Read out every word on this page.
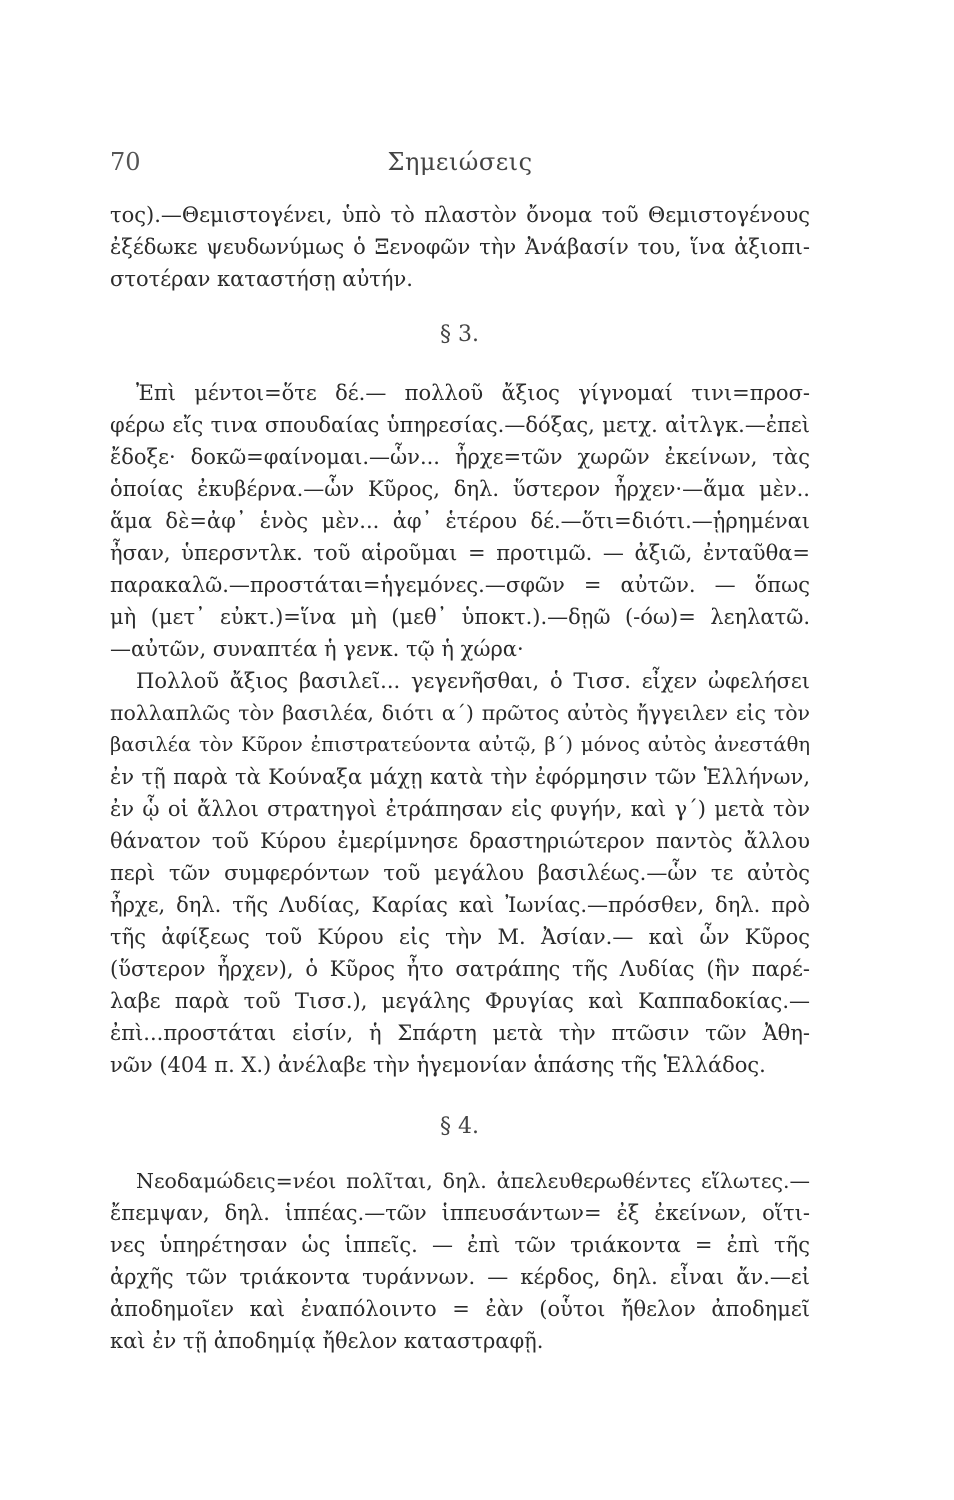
70	Σημειώσεις
τος).—Θεμιστογένει, ὑπὸ τὸ πλαστὸν ὄνομα τοῦ Θεμιστογένους
ἐξέδωκε ψευδωνύμως ὁ Ξενοφῶν τὴν Ἀνάβασίν του, ἵνα ἀξιοπι-
στοτέραν καταστήσῃ αὐτήν.
§ 3.
Ἐπὶ μέντοι=ὅτε δέ.— πολλοῦ ἄξιος γίγνομαί τινι=προσ-
φέρω εἴς τινα σπουδαίας ὑπηρεσίας.—δόξας, μετχ. αἰτλγκ.—ἐπεὶ
ἔδοξε· δοκῶ=φαίνομαι.—ὧν... ἦρχε=τῶν χωρῶν ἐκείνων, τὰς
ὁποίας ἐκυβέρνα.—ὧν Κῦρος, δηλ. ὕστερον ἦρχεν·—ἅμα μὲν..
ἅμα δὲ=ἀφ᾽ ἑνὸς μὲν... ἀφ᾽ ἑτέρου δέ.—ὅτι=διότι.—ᾑρημέναι
ἦσαν, ὑπερσντλκ. τοῦ αἱροῦμαι = προτιμῶ. — ἀξιῶ, ἐνταῦθα=
παρακαλῶ.—προστάται=ἡγεμόνες.—σφῶν = αὐτῶν. — ὅπως
μὴ (μετ᾽ εὐκτ.)=ἵνα μὴ (μεθ᾽ ὑποκτ.).—δῃῶ (-όω)= λεηλατῶ.
—αὐτῶν, συναπτέα ἡ γενκ. τῷ ἡ χώρα·
Πολλοῦ ἄξιος βασιλεῖ... γεγενῆσθαι, ὁ Τισσ. εἶχεν ὠφελήσει
πολλαπλῶς τὸν βασιλέα, διότι α΄) πρῶτος αὐτὸς ἤγγειλεν εἰς τὸν
βασιλέα τὸν Κῦρον ἐπιστρατεύοντα αὐτῷ, β΄) μόνος αὐτὸς ἀνεστάθη
ἐν τῇ παρὰ τὰ Κούναξα μάχῃ κατὰ τὴν ἐφόρμησιν τῶν Ἑλλήνων,
ἐν ᾧ οἱ ἄλλοι στρατηγοὶ ἐτράπησαν εἰς φυγήν, καὶ γ΄) μετὰ τὸν
θάνατον τοῦ Κύρου ἐμερίμνησε δραστηριώτερον παντὸς ἄλλου
περὶ τῶν συμφερόντων τοῦ μεγάλου βασιλέως.—ὧν τε αὐτὸς
ἦρχε, δηλ. τῆς Λυδίας, Καρίας καὶ Ἰωνίας.—πρόσθεν, δηλ. πρὸ
τῆς ἀφίξεως τοῦ Κύρου εἰς τὴν Μ. Ἀσίαν.— καὶ ὧν Κῦρος
(ὕστερον ἦρχεν), ὁ Κῦρος ἦτο σατράπης τῆς Λυδίας (ἣν παρέ-
λαβε παρὰ τοῦ Τισσ.), μεγάλης Φρυγίας καὶ Καππαδοκίας.—
ἐπὶ...προστάται εἰσίν, ἡ Σπάρτη μετὰ τὴν πτῶσιν τῶν Ἀθη-
νῶν (404 π. Χ.) ἀνέλαβε τὴν ἡγεμονίαν ἁπάσης τῆς Ἑλλάδος.
§ 4.
Νεοδαμώδεις=νέοι πολῖται, δηλ. ἀπελευθερωθέντες εἵλωτες.—
ἔπεμψαν, δηλ. ἱππέας.—τῶν ἱππευσάντων= ἐξ ἐκείνων, οἵτι-
νες ὑπηρέτησαν ὡς ἱππεῖς. — ἐπὶ τῶν τριάκοντα = ἐπὶ τῆς
ἀρχῆς τῶν τριάκοντα τυράννων. — κέρδος, δηλ. εἶναι ἄν.—εἰ
ἀποδημοῖεν καὶ ἐναπόλοιντο = ἐὰν (οὗτοι ἤθελον ἀποδημεῖ
καὶ ἐν τῇ ἀποδημίᾳ ἤθελον καταστραφῇ.
